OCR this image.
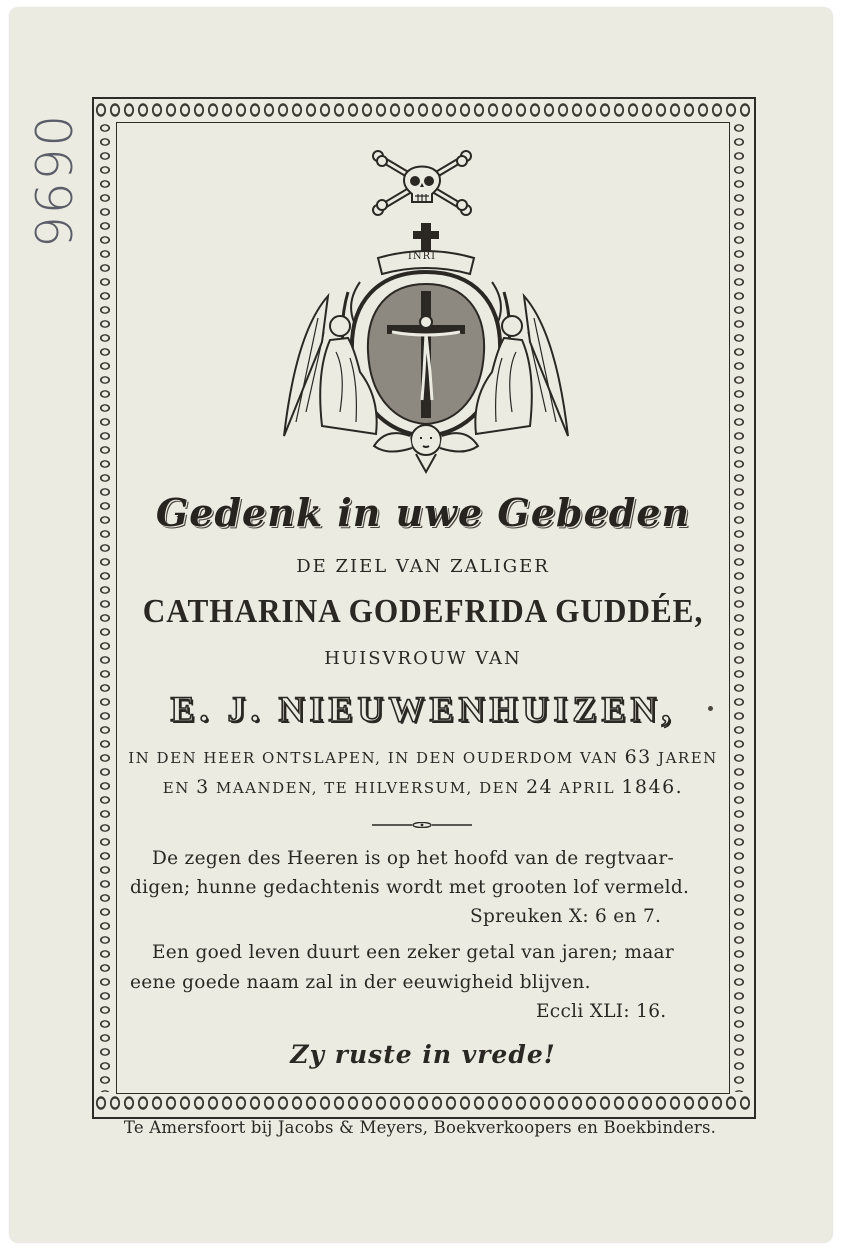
9690
INRI
Gedenk in uwe Gebeden
DE ZIEL VAN ZALIGER
CATHARINA GODEFRIDA GUDDÉE,
HUISVROUW VAN
E. J. NIEUWENHUIZEN,
IN DEN HEER ONTSLAPEN, IN DEN OUDERDOM VAN 63 JAREN
EN 3 MAANDEN, TE HILVERSUM, DEN 24 APRIL 1846.
De zegen des Heeren is op het hoofd van de regtvaar-
digen; hunne gedachtenis wordt met grooten lof vermeld.
Spreuken X: 6 en 7.
Een goed leven duurt een zeker getal van jaren; maar
eene goede naam zal in der eeuwigheid blijven.
Eccli XLI: 16.
Zy ruste in vrede!
Te Amersfoort bij Jacobs & Meyers, Boekverkoopers en Boekbinders.
